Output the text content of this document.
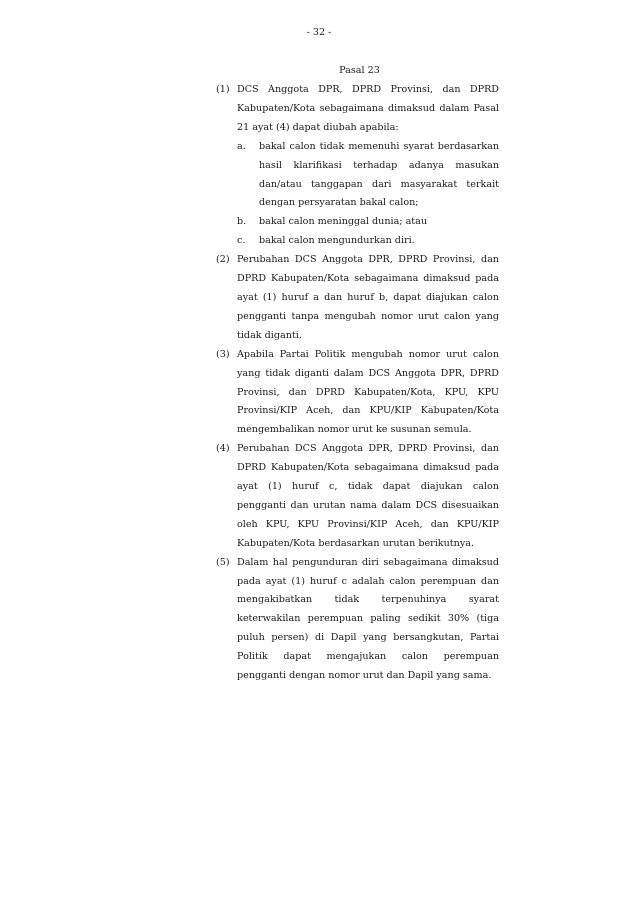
- 32 -
Pasal 23
(1) DCS Anggota DPR, DPRD Provinsi, dan DPRD Kabupaten/Kota sebagaimana dimaksud dalam Pasal 21 ayat (4) dapat diubah apabila:
a. bakal calon tidak memenuhi syarat berdasarkan hasil klarifikasi terhadap adanya masukan dan/atau tanggapan dari masyarakat terkait dengan persyaratan bakal calon;
b. bakal calon meninggal dunia; atau
c. bakal calon mengundurkan diri.
(2) Perubahan DCS Anggota DPR, DPRD Provinsi, dan DPRD Kabupaten/Kota sebagaimana dimaksud pada ayat (1) huruf a dan huruf b, dapat diajukan calon pengganti tanpa mengubah nomor urut calon yang tidak diganti.
(3) Apabila Partai Politik mengubah nomor urut calon yang tidak diganti dalam DCS Anggota DPR, DPRD Provinsi, dan DPRD Kabupaten/Kota, KPU, KPU Provinsi/KIP Aceh, dan KPU/KIP Kabupaten/Kota mengembalikan nomor urut ke susunan semula.
(4) Perubahan DCS Anggota DPR, DPRD Provinsi, dan DPRD Kabupaten/Kota sebagaimana dimaksud pada ayat (1) huruf c, tidak dapat diajukan calon pengganti dan urutan nama dalam DCS disesuaikan oleh KPU, KPU Provinsi/KIP Aceh, dan KPU/KIP Kabupaten/Kota berdasarkan urutan berikutnya.
(5) Dalam hal pengunduran diri sebagaimana dimaksud pada ayat (1) huruf c adalah calon perempuan dan mengakibatkan tidak terpenuhinya syarat keterwakilan perempuan paling sedikit 30% (tiga puluh persen) di Dapil yang bersangkutan, Partai Politik dapat mengajukan calon perempuan pengganti dengan nomor urut dan Dapil yang sama.
